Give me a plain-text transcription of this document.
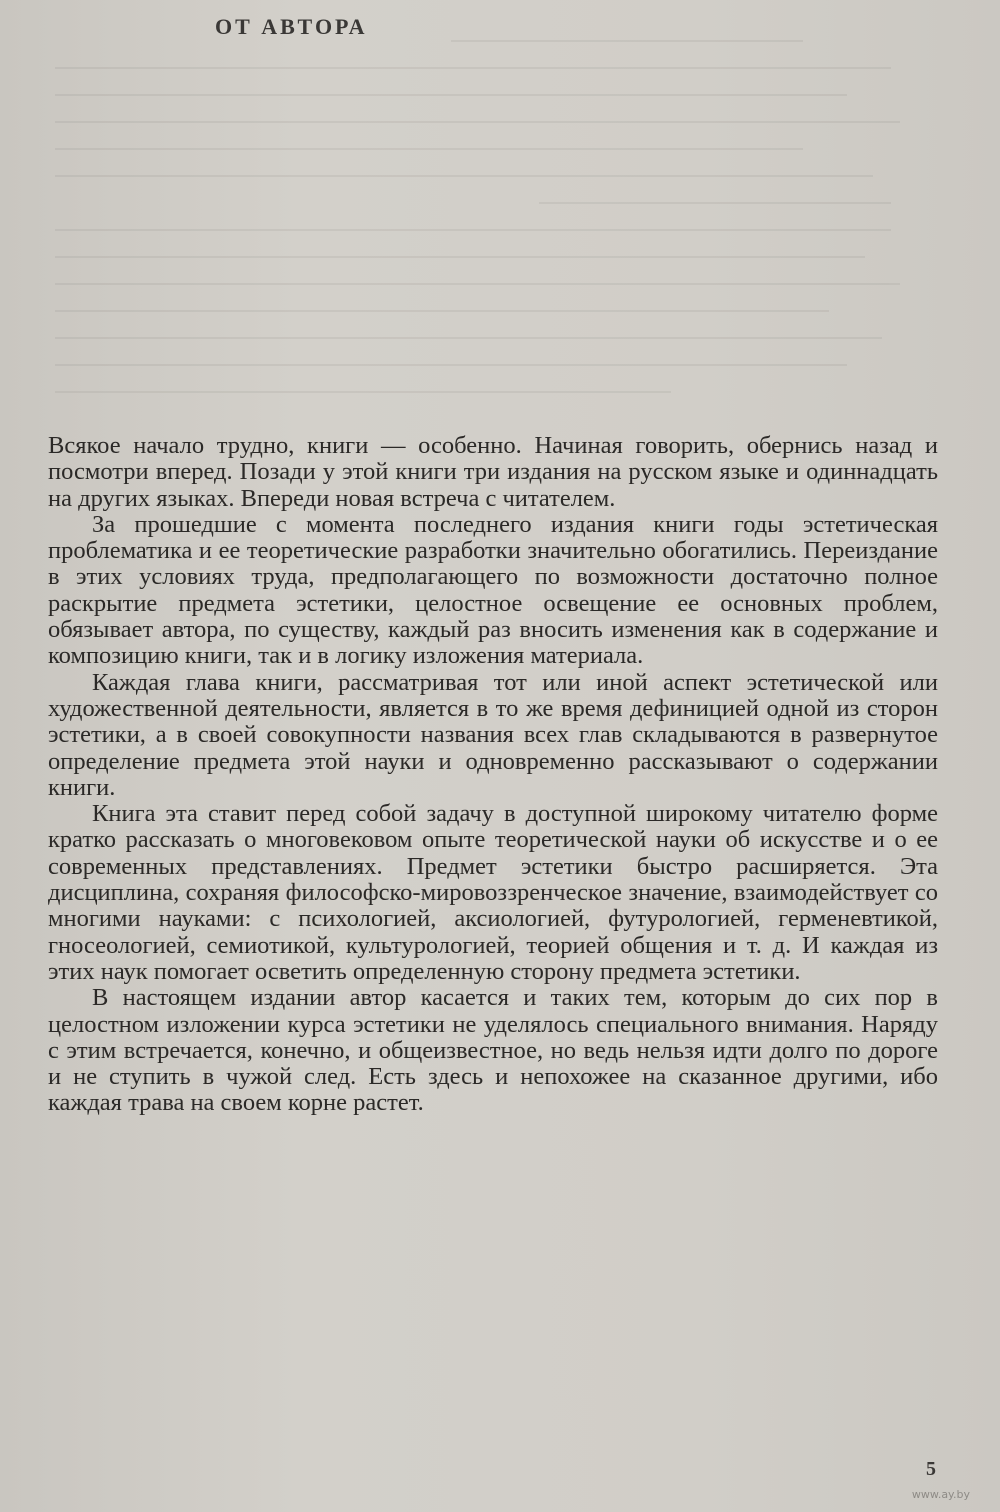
ОТ АВТОРА

Всякое начало трудно, книги — особенно. Начиная говорить, обернись назад и посмотри вперед. Позади у этой книги три издания на русском языке и одиннадцать на других языках. Впереди новая встреча с читателем.

За прошедшие с момента последнего издания книги годы эстетическая проблематика и ее теоретические разработки значительно обогатились. Переиздание в этих условиях труда, предполагающего по возможности достаточно полное раскрытие предмета эстетики, целостное освещение ее основных проблем, обязывает автора, по существу, каждый раз вносить изменения как в содержание и композицию книги, так и в логику изложения материала.

Каждая глава книги, рассматривая тот или иной аспект эстетической или художественной деятельности, является в то же время дефиницией одной из сторон эстетики, а в своей совокупности названия всех глав складываются в развернутое определение предмета этой науки и одновременно рассказывают о содержании книги.

Книга эта ставит перед собой задачу в доступной широкому читателю форме кратко рассказать о многовековом опыте теоретической науки об искусстве и о ее современных представлениях. Предмет эстетики быстро расширяется. Эта дисциплина, сохраняя философско-мировоззренческое значение, взаимодействует со многими науками: с психологией, аксиологией, футурологией, герменевтикой, гносеологией, семиотикой, культурологией, теорией общения и т. д. И каждая из этих наук помогает осветить определенную сторону предмета эстетики.

В настоящем издании автор касается и таких тем, которым до сих пор в целостном изложении курса эстетики не уделялось специального внимания. Наряду с этим встречается, конечно, и общеизвестное, но ведь нельзя идти долго по дороге и не ступить в чужой след. Есть здесь и непохожее на сказанное другими, ибо каждая трава на своем корне растет.

5
www.ay.by
